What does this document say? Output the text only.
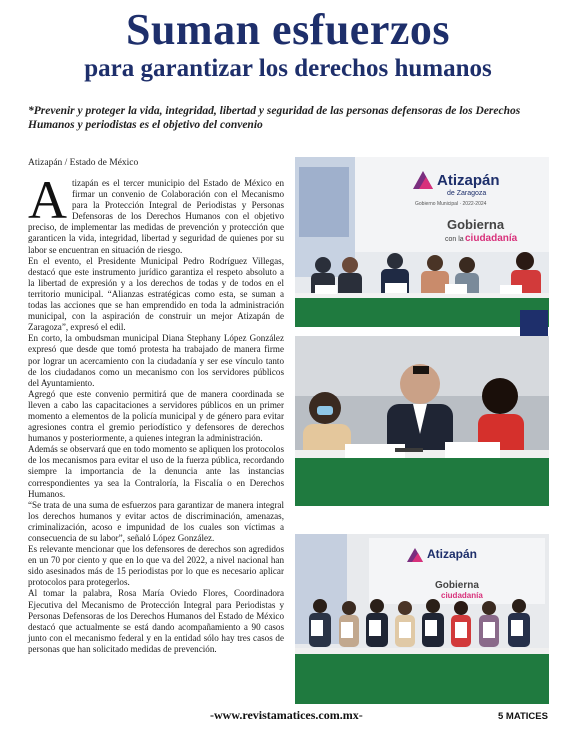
Suman esfuerzos
para garantizar los derechos humanos
*Prevenir y proteger la vida, integridad, libertad y seguridad de las personas defensoras de los Derechos Humanos y periodistas es el objetivo del convenio
Atizapán / Estado de México

Atizapán es el tercer municipio del Estado de México en firmar un convenio de Colaboración con el Mecanismo para la Protección Integral de Periodistas y Personas Defensoras de los Derechos Humanos con el objetivo preciso, de implementar las medidas de prevención y protección que garanticen la vida, integridad, libertad y seguridad de quienes por su labor se encuentran en situación de riesgo.

En el evento, el Presidente Municipal Pedro Rodríguez Villegas, destacó que este instrumento jurídico garantiza el respeto absoluto a la libertad de expresión y a los derechos de todas y de todos en el territorio municipal. “Alianzas estratégicas como esta, se suman a todas las acciones que se han emprendido en toda la administración municipal, con la aspiración de construir un mejor Atizapán de Zaragoza”, expresó el edil.

En corto, la ombudsman municipal Diana Stephany López González expresó que desde que tomó protesta ha trabajado de manera firme por lograr un acercamiento con la ciudadanía y ser ese vínculo tanto de los ciudadanos como un mecanismo con los servidores públicos del Ayuntamiento.

Agregó que este convenio permitirá que de manera coordinada se lleven a cabo las capacitaciones a servidores públicos en un primer momento a elementos de la policía municipal y de género para evitar agresiones contra el gremio periodístico y defensores de derechos humanos y posteriormente, a quienes integran la administración.

Además se observará que en todo momento se apliquen los protocolos de los mecanismos para evitar el uso de la fuerza pública, recordando siempre la importancia de la denuncia ante las instancias correspondientes ya sea la Contraloría, la Fiscalía o en Derechos Humanos.

“Se trata de una suma de esfuerzos para garantizar de manera integral los derechos humanos y evitar actos de discriminación, amenazas, criminalización, acoso e impunidad de los cuales son víctimas a consecuencia de su labor”, señaló López González.

Es relevante mencionar que los defensores de derechos son agredidos en un 70 por ciento y que en lo que va del 2022, a nivel nacional han sido asesinados más de 15 periodistas por lo que es necesario aplicar protocolos para protegerlos.

Al tomar la palabra, Rosa María Oviedo Flores, Coordinadora Ejecutiva del Mecanismo de Protección Integral para Periodistas y Personas Defensoras de los Derechos Humanos del Estado de México destacó que actualmente se está dando acompañamiento a 90 casos junto con el mecanismo federal y en la entidad sólo hay tres casos de personas que han solicitado medidas de prevención.

Atizapán
de Zaragoza
Gobierno Municipal · 2022-2024
Gobierna
con la ciudadanía
Atizapán
Gobierna
ciudadanía
-www.revistamatices.com.mx-	5 MATICES
